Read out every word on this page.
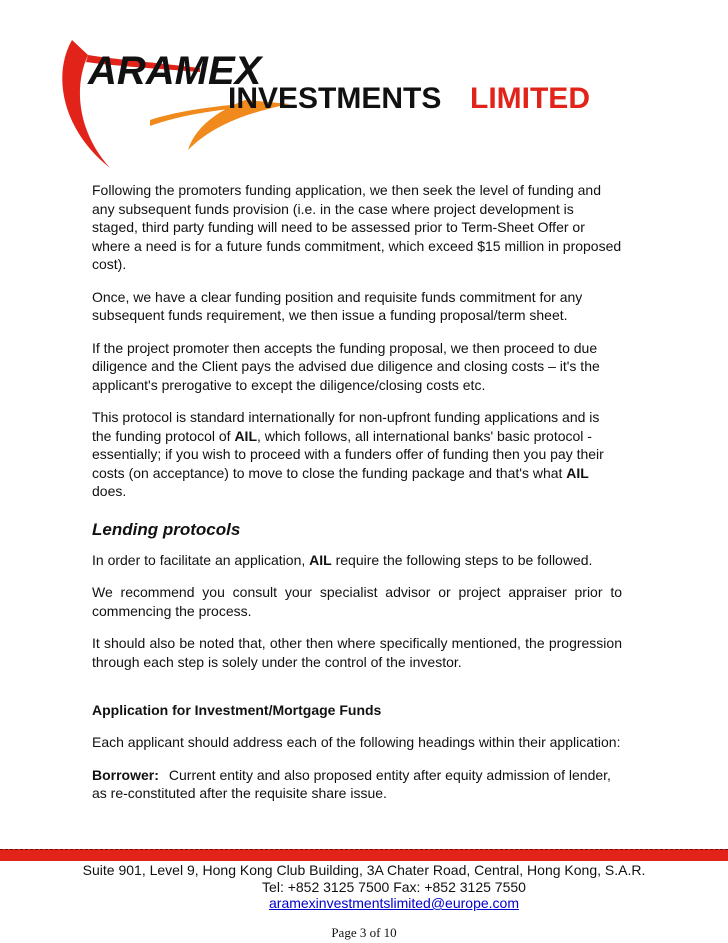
ARAMEX
INVESTMENTS LIMITED

Following the promoters funding application, we then seek the level of funding and any subsequent funds provision (i.e. in the case where project development is staged, third party funding will need to be assessed prior to Term-Sheet Offer or where a need is for a future funds commitment, which exceed $15 million in proposed cost).

Once, we have a clear funding position and requisite funds commitment for any subsequent funds requirement, we then issue a funding proposal/term sheet.

If the project promoter then accepts the funding proposal, we then proceed to due diligence and the Client pays the advised due diligence and closing costs – it's the applicant's prerogative to except the diligence/closing costs etc.

This protocol is standard internationally for non-upfront funding applications and is the funding protocol of AIL, which follows, all international banks' basic protocol - essentially; if you wish to proceed with a funders offer of funding then you pay their costs (on acceptance) to move to close the funding package and that's what AIL does.

Lending protocols

In order to facilitate an application, AIL require the following steps to be followed.

We recommend you consult your specialist advisor or project appraiser prior to commencing the process.

It should also be noted that, other then where specifically mentioned, the progression through each step is solely under the control of the investor.

Application for Investment/Mortgage Funds

Each applicant should address each of the following headings within their application:

Borrower: Current entity and also proposed entity after equity admission of lender, as re-constituted after the requisite share issue.

Suite 901, Level 9, Hong Kong Club Building, 3A Chater Road, Central, Hong Kong, S.A.R.
Tel: +852 3125 7500 Fax: +852 3125 7550
aramexinvestmentslimited@europe.com
Page 3 of 10
